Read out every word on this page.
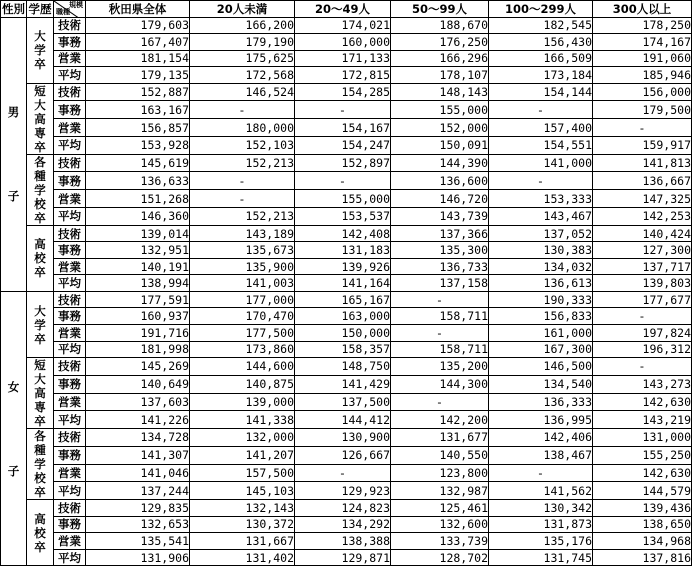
性別	学歴	規模
職種	秋田県全体	20人未満	20～49人	50～99人	100～299人	300人以上

男
子	大学卒	技術	179,603	166,200	174,021	188,670	182,545	178,250
		事務	167,407	179,190	160,000	176,250	156,430	174,167
		営業	181,154	175,625	171,133	166,296	166,509	191,060
		平均	179,135	172,568	172,815	178,107	173,184	185,946
	短大高専卒	技術	152,887	146,524	154,285	148,143	154,144	156,000
		事務	163,167	-	-	155,000	-	179,500
		営業	156,857	180,000	154,167	152,000	157,400	-
		平均	153,928	152,103	154,247	150,091	154,551	159,917
	各種学校卒	技術	145,619	152,213	152,897	144,390	141,000	141,813
		事務	136,633	-	-	136,600	-	136,667
		営業	151,268	-	155,000	146,720	153,333	147,325
		平均	146,360	152,213	153,537	143,739	143,467	142,253
	高校卒	技術	139,014	143,189	142,408	137,366	137,052	140,424
		事務	132,951	135,673	131,183	135,300	130,383	127,300
		営業	140,191	135,900	139,926	136,733	134,032	137,717
		平均	138,994	141,003	141,164	137,158	136,613	139,803

女
子	大学卒	技術	177,591	177,000	165,167	-	190,333	177,677
		事務	160,937	170,470	163,000	158,711	156,833	-
		営業	191,716	177,500	150,000	-	161,000	197,824
		平均	181,998	173,860	158,357	158,711	167,300	196,312
	短大高専卒	技術	145,269	144,600	148,750	135,200	146,500	-
		事務	140,649	140,875	141,429	144,300	134,540	143,273
		営業	137,603	139,000	137,500	-	136,333	142,630
		平均	141,226	141,338	144,412	142,200	136,995	143,219
	各種学校卒	技術	134,728	132,000	130,900	131,677	142,406	131,000
		事務	141,307	141,207	126,667	140,550	138,467	155,250
		営業	141,046	157,500	-	123,800	-	142,630
		平均	137,244	145,103	129,923	132,987	141,562	144,579
	高校卒	技術	129,835	132,143	124,823	125,461	130,342	139,436
		事務	132,653	130,372	134,292	132,600	131,873	138,650
		営業	135,541	131,667	138,388	133,739	135,176	134,968
		平均	131,906	131,402	129,871	128,702	131,745	137,816
